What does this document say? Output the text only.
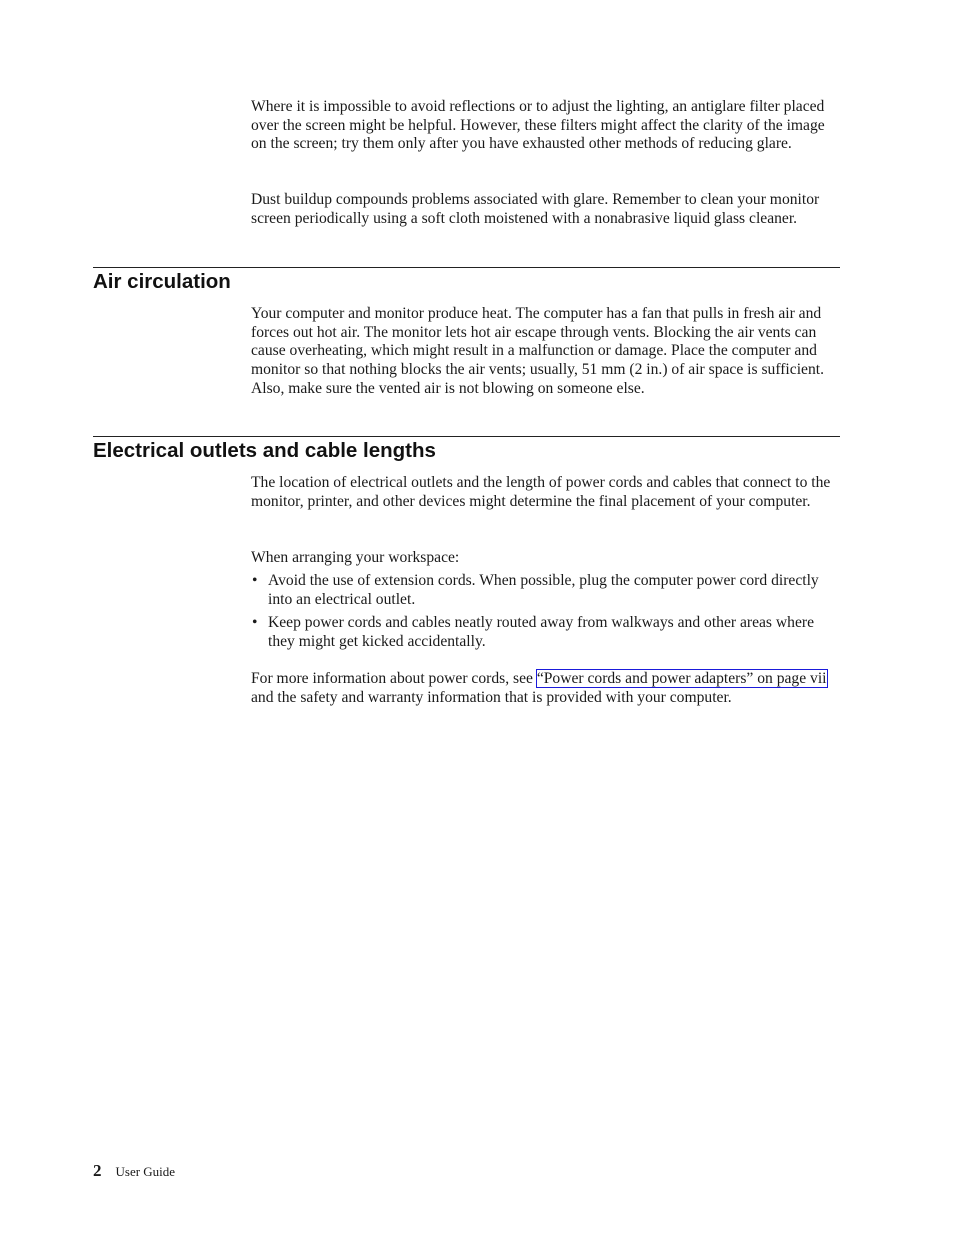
Where it is impossible to avoid reflections or to adjust the lighting, an antiglare filter placed over the screen might be helpful. However, these filters might affect the clarity of the image on the screen; try them only after you have exhausted other methods of reducing glare.

Dust buildup compounds problems associated with glare. Remember to clean your monitor screen periodically using a soft cloth moistened with a nonabrasive liquid glass cleaner.

Air circulation

Your computer and monitor produce heat. The computer has a fan that pulls in fresh air and forces out hot air. The monitor lets hot air escape through vents. Blocking the air vents can cause overheating, which might result in a malfunction or damage. Place the computer and monitor so that nothing blocks the air vents; usually, 51 mm (2 in.) of air space is sufficient. Also, make sure the vented air is not blowing on someone else.

Electrical outlets and cable lengths

The location of electrical outlets and the length of power cords and cables that connect to the monitor, printer, and other devices might determine the final placement of your computer.

When arranging your workspace:

• Avoid the use of extension cords. When possible, plug the computer power cord directly into an electrical outlet.
• Keep power cords and cables neatly routed away from walkways and other areas where they might get kicked accidentally.

For more information about power cords, see “Power cords and power adapters” on page vii and the safety and warranty information that is provided with your computer.

2 User Guide
